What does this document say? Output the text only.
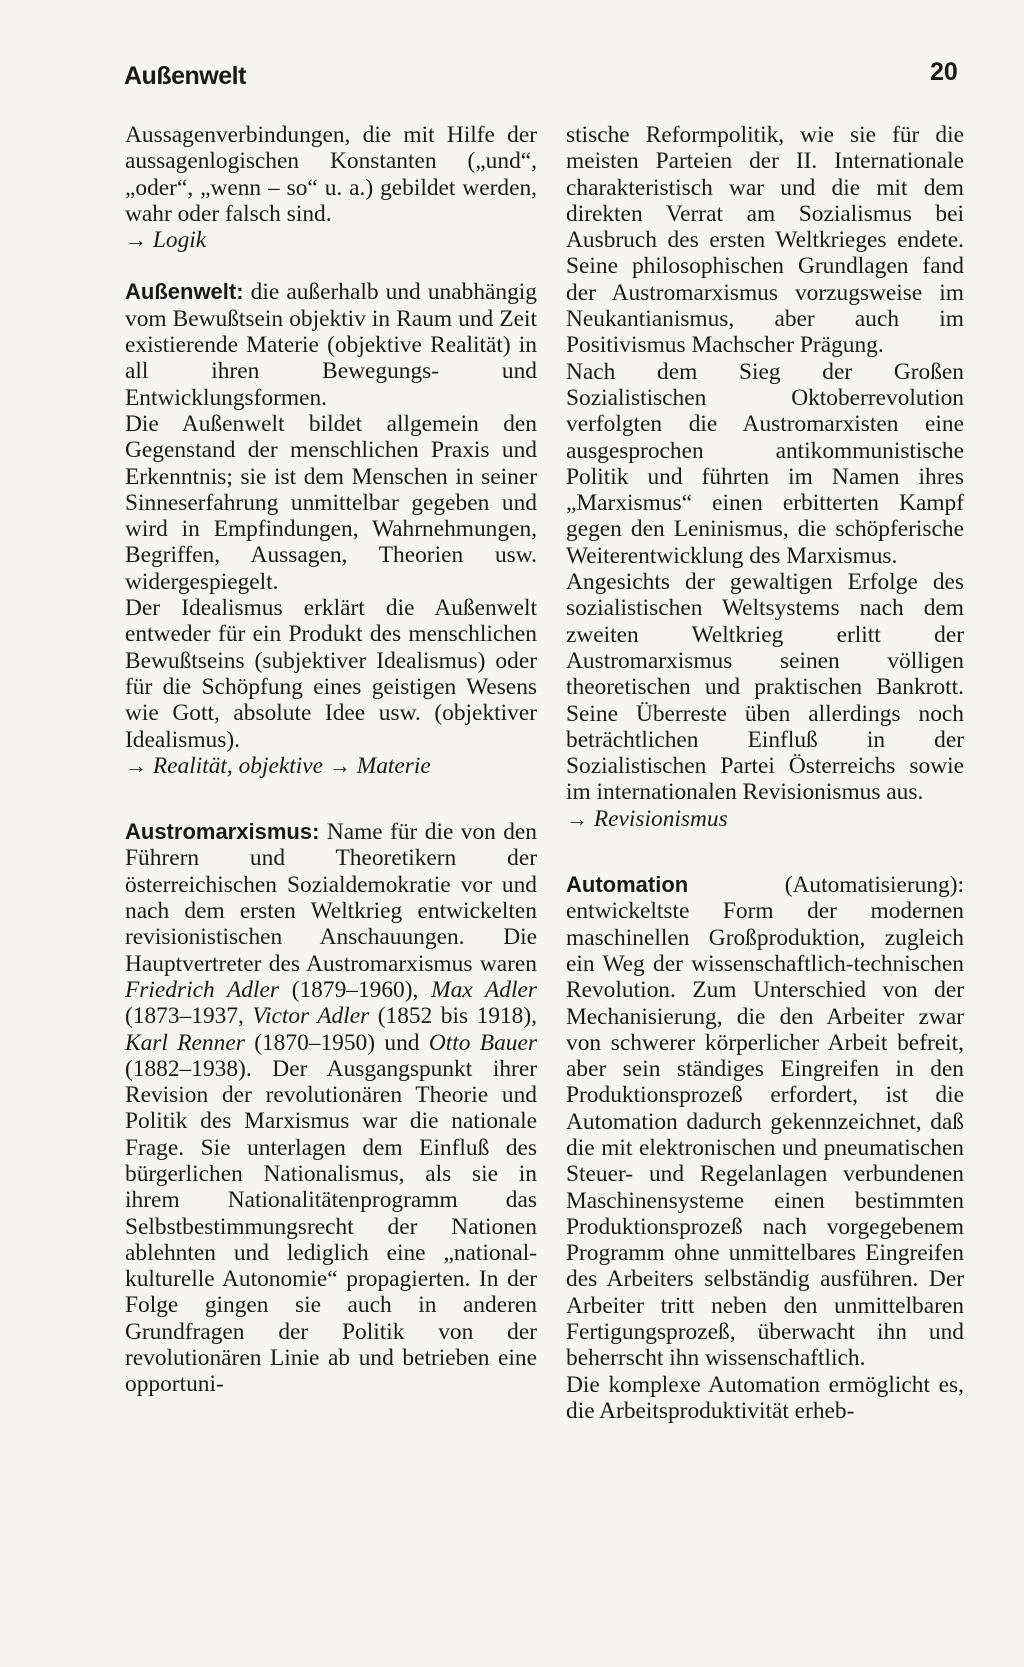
Außenwelt	20

Aussagenverbindungen, die mit Hilfe der aussagenlogischen Konstanten („und“, „oder“, „wenn – so“ u. a.) gebildet werden, wahr oder falsch sind.

→ Logik

Außenwelt: die außerhalb und unabhängig vom Bewußtsein objektiv in Raum und Zeit existierende Materie (objektive Realität) in all ihren Bewegungs- und Entwicklungsformen.

Die Außenwelt bildet allgemein den Gegenstand der menschlichen Praxis und Erkenntnis; sie ist dem Menschen in seiner Sinneserfahrung unmittelbar gegeben und wird in Empfindungen, Wahrnehmungen, Begriffen, Aussagen, Theorien usw. widergespiegelt.

Der Idealismus erklärt die Außenwelt entweder für ein Produkt des menschlichen Bewußtseins (subjektiver Idealismus) oder für die Schöpfung eines geistigen Wesens wie Gott, absolute Idee usw. (objektiver Idealismus).

→ Realität, objektive → Materie

Austromarxismus: Name für die von den Führern und Theoretikern der österreichischen Sozialdemokratie vor und nach dem ersten Weltkrieg entwickelten revisionistischen Anschauungen. Die Hauptvertreter des Austromarxismus waren Friedrich Adler (1879–1960), Max Adler (1873–1937, Victor Adler (1852 bis 1918), Karl Renner (1870–1950) und Otto Bauer (1882–1938). Der Ausgangspunkt ihrer Revision der revolutionären Theorie und Politik des Marxismus war die nationale Frage. Sie unterlagen dem Einfluß des bürgerlichen Nationalismus, als sie in ihrem Nationalitätenprogramm das Selbstbestimmungsrecht der Nationen ablehnten und lediglich eine „national-kulturelle Autonomie“ propagierten. In der Folge gingen sie auch in anderen Grundfragen der Politik von der revolutionären Linie ab und betrieben eine opportuni-

stische Reformpolitik, wie sie für die meisten Parteien der II. Internationale charakteristisch war und die mit dem direkten Verrat am Sozialismus bei Ausbruch des ersten Weltkrieges endete. Seine philosophischen Grundlagen fand der Austromarxismus vorzugsweise im Neukantianismus, aber auch im Positivismus Machscher Prägung.

Nach dem Sieg der Großen Sozialistischen Oktoberrevolution verfolgten die Austromarxisten eine ausgesprochen antikommunistische Politik und führten im Namen ihres „Marxismus“ einen erbitterten Kampf gegen den Leninismus, die schöpferische Weiterentwicklung des Marxismus.

Angesichts der gewaltigen Erfolge des sozialistischen Weltsystems nach dem zweiten Weltkrieg erlitt der Austromarxismus seinen völligen theoretischen und praktischen Bankrott. Seine Überreste üben allerdings noch beträchtlichen Einfluß in der Sozialistischen Partei Österreichs sowie im internationalen Revisionismus aus.

→ Revisionismus

Automation	(Automatisierung): entwickeltste Form der modernen maschinellen Großproduktion, zugleich ein Weg der wissenschaftlich-technischen Revolution. Zum Unterschied von der Mechanisierung, die den Arbeiter zwar von schwerer körperlicher Arbeit befreit, aber sein ständiges Eingreifen in den Produktionsprozeß erfordert, ist die Automation dadurch gekennzeichnet, daß die mit elektronischen und pneumatischen Steuer- und Regelanlagen verbundenen Maschinensysteme einen bestimmten Produktionsprozeß nach vorgegebenem Programm ohne unmittelbares Eingreifen des Arbeiters selbständig ausführen. Der Arbeiter tritt neben den unmittelbaren Fertigungsprozeß, überwacht ihn und beherrscht ihn wissenschaftlich.

Die komplexe Automation ermöglicht es, die Arbeitsproduktivität erheb-
